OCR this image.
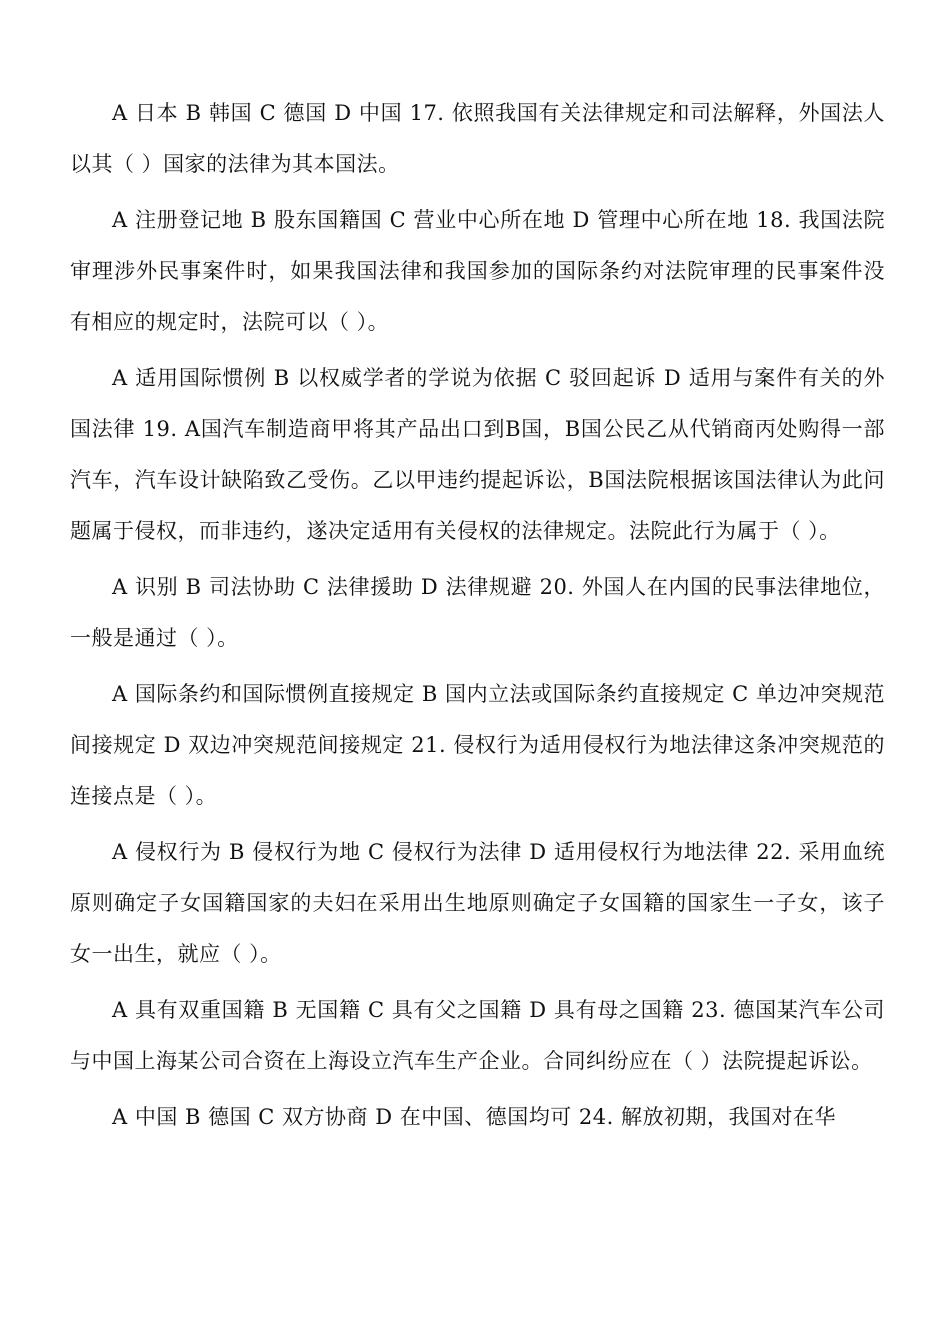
A 日本 B 韩国 C 德国 D 中国 17. 依照我国有关法律规定和司法解释，外国法人以其（ ）国家的法律为其本国法。

A 注册登记地 B 股东国籍国 C 营业中心所在地 D 管理中心所在地 18. 我国法院审理涉外民事案件时，如果我国法律和我国参加的国际条约对法院审理的民事案件没有相应的规定时，法院可以（ ）。

A 适用国际惯例 B 以权威学者的学说为依据 C 驳回起诉 D 适用与案件有关的外国法律 19. A国汽车制造商甲将其产品出口到B国，B国公民乙从代销商丙处购得一部汽车，汽车设计缺陷致乙受伤。乙以甲违约提起诉讼，B国法院根据该国法律认为此问题属于侵权，而非违约，遂决定适用有关侵权的法律规定。法院此行为属于（ ）。

A 识别 B 司法协助 C 法律援助 D 法律规避 20. 外国人在内国的民事法律地位，一般是通过（ ）。

A 国际条约和国际惯例直接规定 B 国内立法或国际条约直接规定 C 单边冲突规范间接规定 D 双边冲突规范间接规定 21. 侵权行为适用侵权行为地法律这条冲突规范的连接点是（ ）。

A 侵权行为 B 侵权行为地 C 侵权行为法律 D 适用侵权行为地法律 22. 采用血统原则确定子女国籍国家的夫妇在采用出生地原则确定子女国籍的国家生一子女，该子女一出生，就应（ ）。

A 具有双重国籍 B 无国籍 C 具有父之国籍 D 具有母之国籍 23. 德国某汽车公司与中国上海某公司合资在上海设立汽车生产企业。合同纠纷应在（ ）法院提起诉讼。

A 中国 B 德国 C 双方协商 D 在中国、德国均可 24. 解放初期，我国对在华
